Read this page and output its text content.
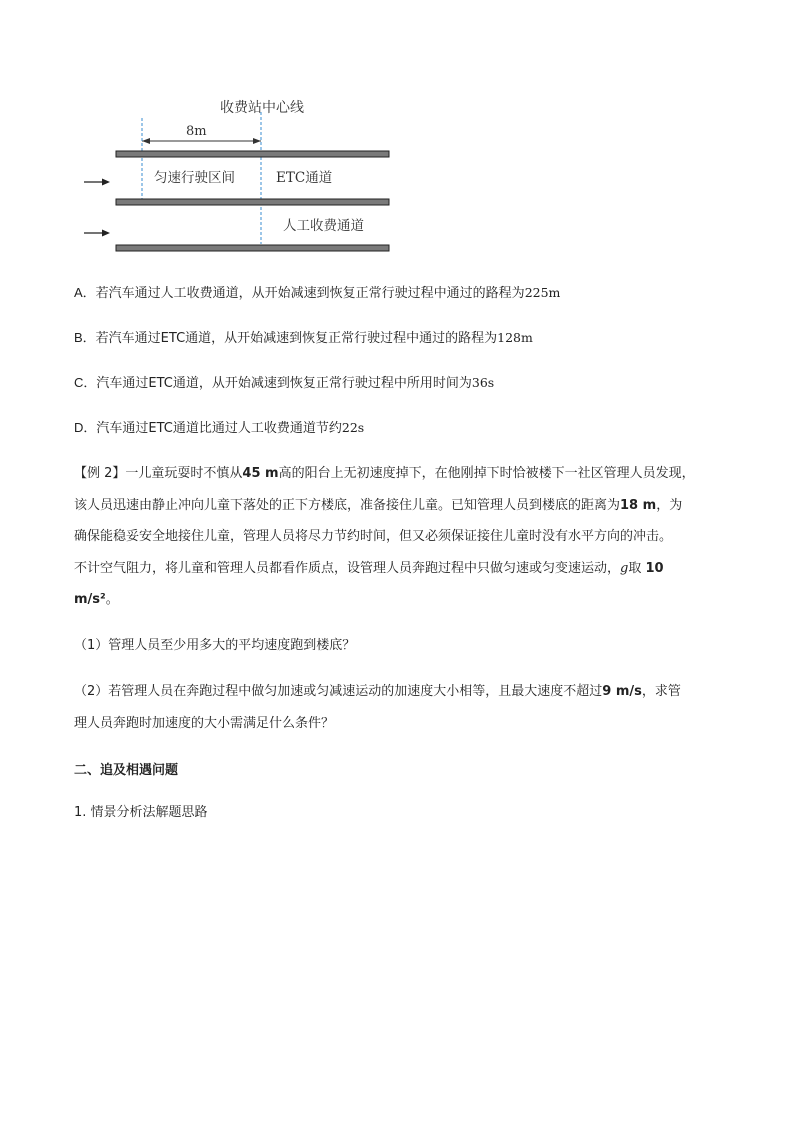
收费站中心线
8m
匀速行驶区间	ETC通道
人工收费通道
A．若汽车通过人工收费通道，从开始减速到恢复正常行驶过程中通过的路程为225m
B．若汽车通过ETC通道，从开始减速到恢复正常行驶过程中通过的路程为128m
C．汽车通过ETC通道，从开始减速到恢复正常行驶过程中所用时间为36s
D．汽车通过ETC通道比通过人工收费通道节约22s
【例 2】一儿童玩耍时不慎从45 m高的阳台上无初速度掉下，在他刚掉下时恰被楼下一社区管理人员发现，
该人员迅速由静止冲向儿童下落处的正下方楼底，准备接住儿童。已知管理人员到楼底的距离为18 m，为
确保能稳妥安全地接住儿童，管理人员将尽力节约时间，但又必须保证接住儿童时没有水平方向的冲击。
不计空气阻力，将儿童和管理人员都看作质点，设管理人员奔跑过程中只做匀速或匀变速运动，g取 10
m/s²。
（1）管理人员至少用多大的平均速度跑到楼底？
（2）若管理人员在奔跑过程中做匀加速或匀减速运动的加速度大小相等，且最大速度不超过9 m/s，求管
理人员奔跑时加速度的大小需满足什么条件？
二、追及相遇问题
1. 情景分析法解题思路
